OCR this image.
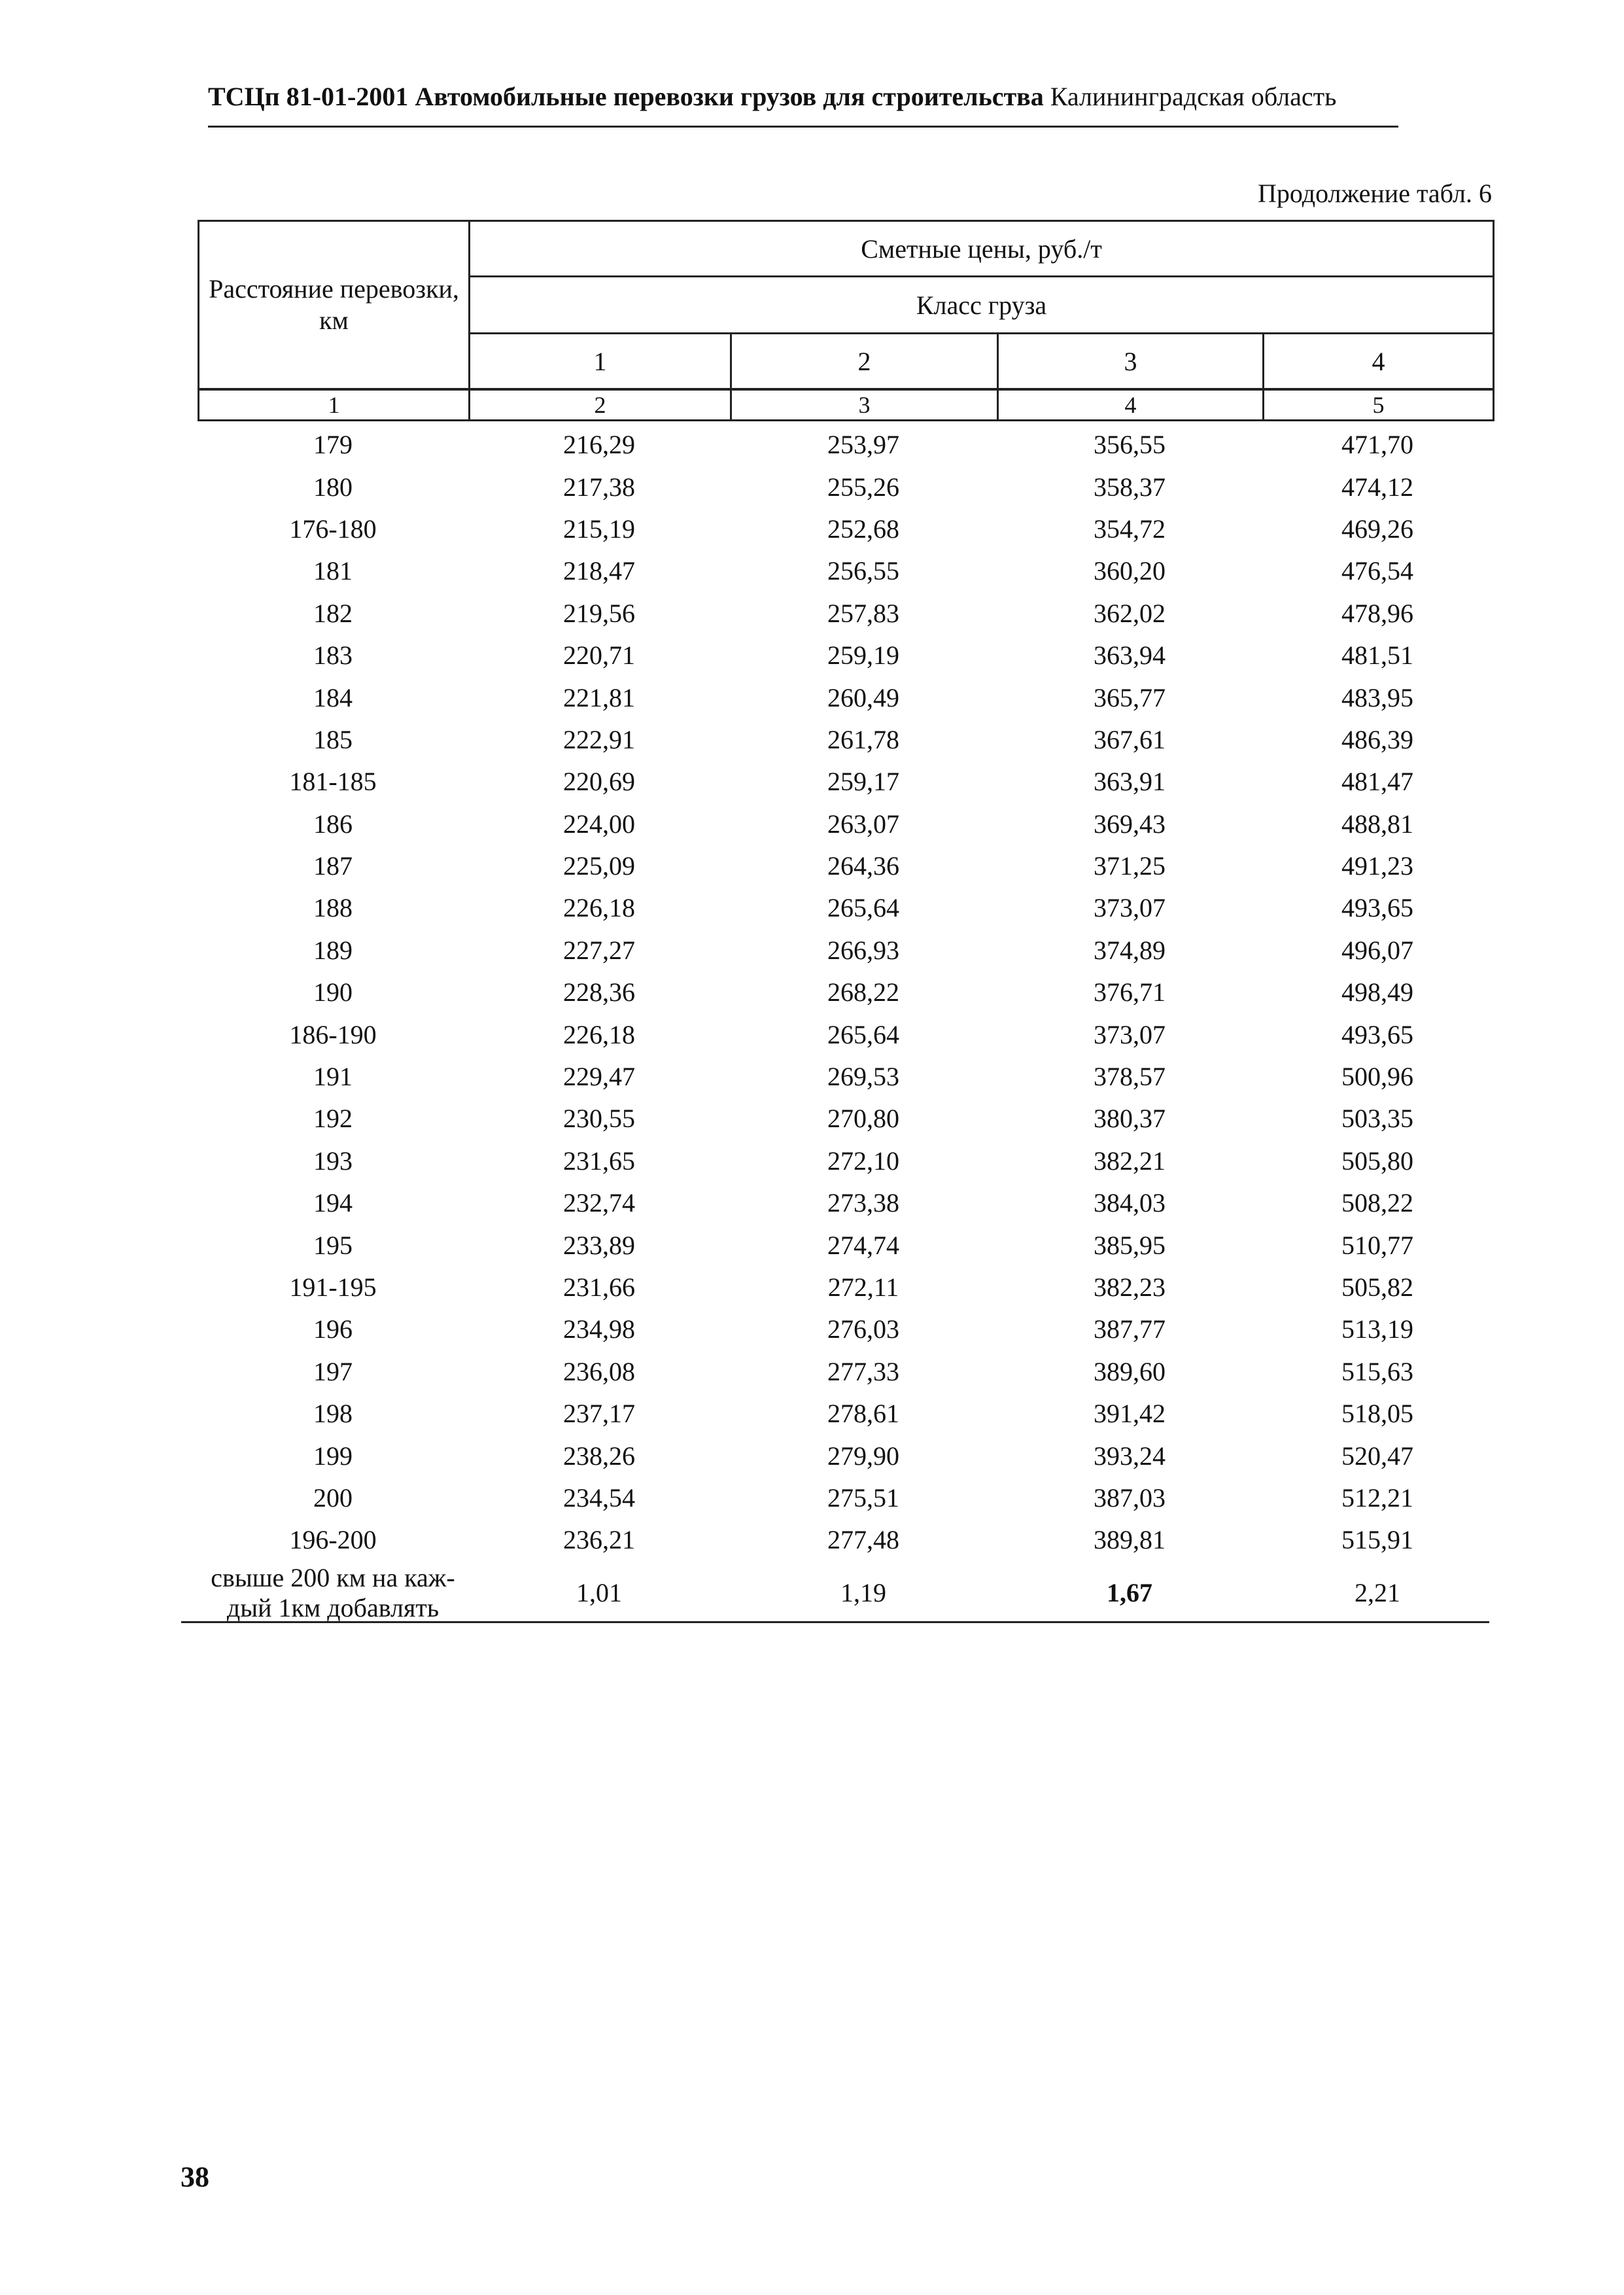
ТСЦп 81-01-2001 Автомобильные перевозки грузов для строительства Калининградская область
Продолжение табл. 6
Расстояние перевозки, км	Сметные цены, руб./т			
	Класс груза			
	1	2	3	4
1	2	3	4	5
179	216,29	253,97	356,55	471,70
180	217,38	255,26	358,37	474,12
176-180	215,19	252,68	354,72	469,26
181	218,47	256,55	360,20	476,54
182	219,56	257,83	362,02	478,96
183	220,71	259,19	363,94	481,51
184	221,81	260,49	365,77	483,95
185	222,91	261,78	367,61	486,39
181-185	220,69	259,17	363,91	481,47
186	224,00	263,07	369,43	488,81
187	225,09	264,36	371,25	491,23
188	226,18	265,64	373,07	493,65
189	227,27	266,93	374,89	496,07
190	228,36	268,22	376,71	498,49
186-190	226,18	265,64	373,07	493,65
191	229,47	269,53	378,57	500,96
192	230,55	270,80	380,37	503,35
193	231,65	272,10	382,21	505,80
194	232,74	273,38	384,03	508,22
195	233,89	274,74	385,95	510,77
191-195	231,66	272,11	382,23	505,82
196	234,98	276,03	387,77	513,19
197	236,08	277,33	389,60	515,63
198	237,17	278,61	391,42	518,05
199	238,26	279,90	393,24	520,47
200	234,54	275,51	387,03	512,21
196-200	236,21	277,48	389,81	515,91

свыше 200 км на каж-
дый 1км добавлять	1,01	1,19	1,67	2,21
38
